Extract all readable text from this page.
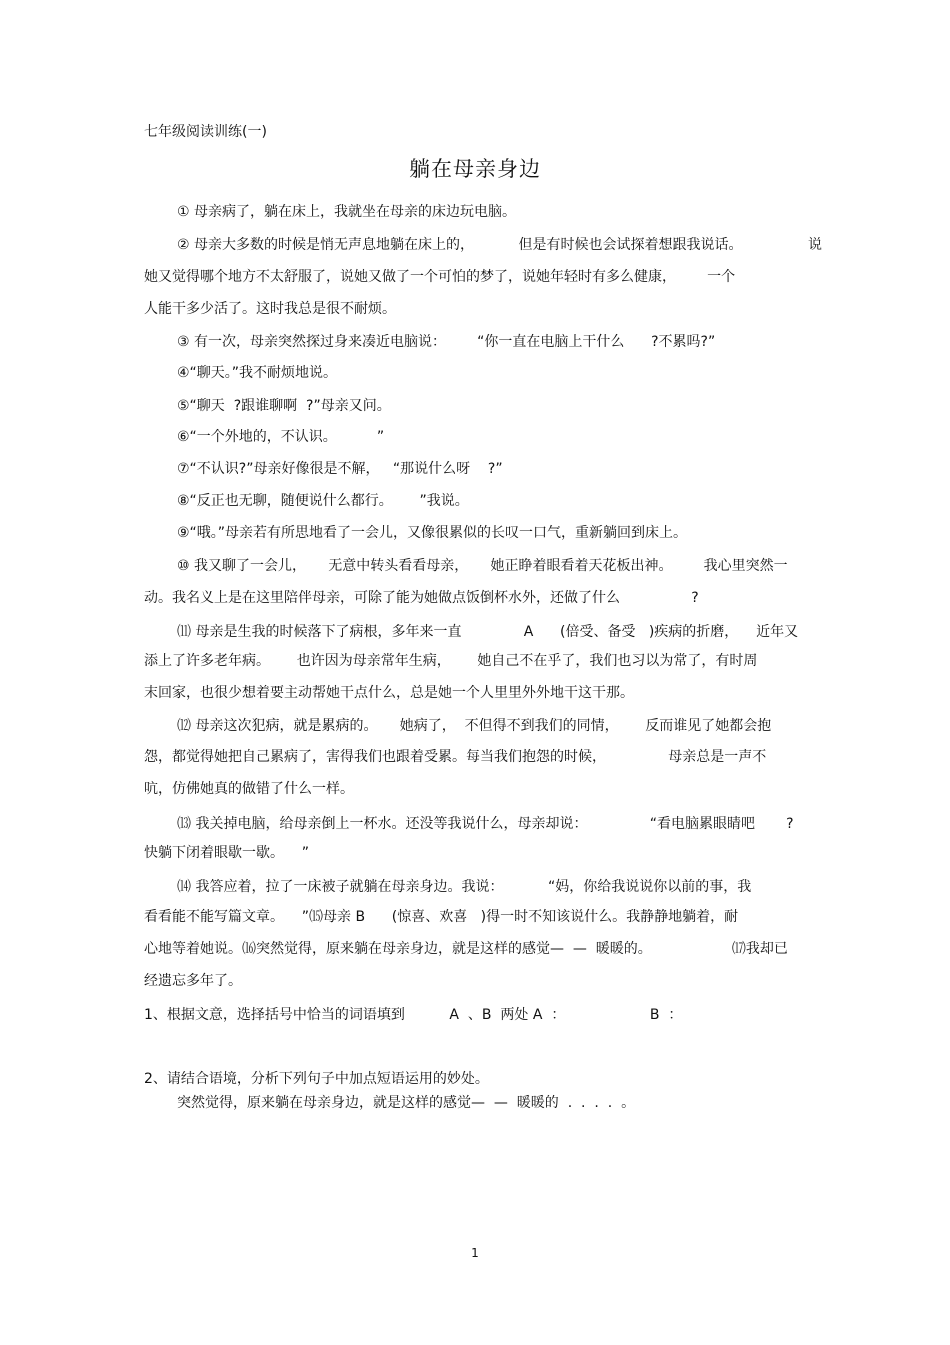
七年级阅读训练(一)
躺在母亲身边
① 母亲病了，躺在床上，我就坐在母亲的床边玩电脑。
② 母亲大多数的时候是悄无声息地躺在床上的，          但是有时候也会试探着想跟我说话。	说
她又觉得哪个地方不太舒服了，说她又做了一个可怕的梦了，说她年轻时有多么健康，       一个
人能干多少活了。这时我总是很不耐烦。
③ 有一次，母亲突然探过身来凑近电脑说：       “你一直在电脑上干什么      ?不累吗?”
④“聊天。”我不耐烦地说。
⑤“聊天  ?跟谁聊啊  ?”母亲又问。
⑥“一个外地的，不认识。         ”
⑦“不认识?”母亲好像很是不解，   “那说什么呀    ?”
⑧“反正也无聊，随便说什么都行。      ”我说。
⑨“哦。”母亲若有所思地看了一会儿，又像很累似的长叹一口气，重新躺回到床上。
⑩ 我又聊了一会儿，     无意中转头看看母亲，     她正睁着眼看着天花板出神。       我心里突然一
动。我名义上是在这里陪伴母亲，可除了能为她做点饭倒杯水外，还做了什么                ?
⑾ 母亲是生我的时候落下了病根，多年来一直              A      (倍受、备受   )疾病的折磨，    近年又
添上了许多老年病。      也许因为母亲常年生病，      她自己不在乎了，我们也习以为常了，有时周
末回家，也很少想着要主动帮她干点什么，总是她一个人里里外外地干这干那。
⑿ 母亲这次犯病，就是累病的。     她病了，  不但得不到我们的同情，      反而谁见了她都会抱
怨，都觉得她把自己累病了，害得我们也跟着受累。每当我们抱怨的时候，              母亲总是一声不
吭，仿佛她真的做错了什么一样。
⒀ 我关掉电脑，给母亲倒上一杯水。还没等我说什么，母亲却说：              “看电脑累眼睛吧       ?
快躺下闭着眼歇一歇。    ”
⒁ 我答应着，拉了一床被子就躺在母亲身边。我说：          “妈，你给我说说你以前的事，我
看看能不能写篇文章。    ”⒂母亲 B      (惊喜、欢喜   )得一时不知该说什么。我静静地躺着，耐
心地等着她说。⒃突然觉得，原来躺在母亲身边，就是这样的感觉—  —  暖暖的。                  ⒄我却已
经遗忘多年了。
1、根据文意，选择括号中恰当的词语填到          A  、B  两处 A  ：                   B  ：
2、请结合语境，分析下列句子中加点短语运用的妙处。
突然觉得，原来躺在母亲身边，就是这样的感觉—  —  暖暖的  .  .  .  .  。
1
